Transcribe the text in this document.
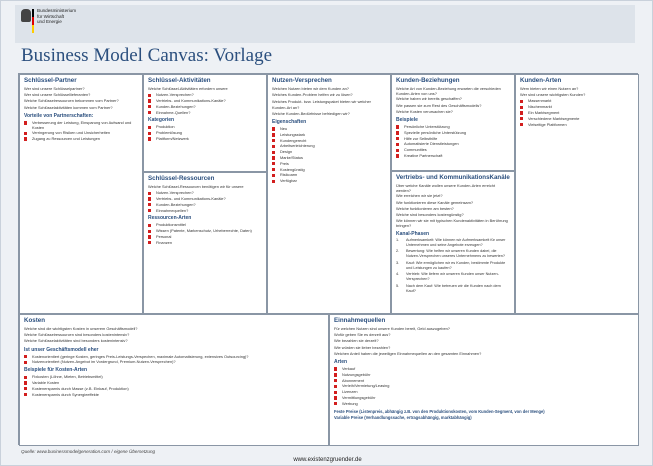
Bundesministerium
für Wirtschaft
und Energie
Business Model Canvas: Vorlage
Schlüssel-Partner
Wer sind unsere Schlüsselpartner?
Wer sind unsere Schlüssellieferanten?
Welche Schlüsselressourcen bekommen vom Partner?
Welche Schlüsselaktivitäten kommen vom Partner?
Vorteile von Partnerschaften:
Verbesserung der Leistung, Einsparung von Aufwand und Kosten
Verringerung von Risiken und Unsicherheiten
Zugang zu Ressourcen und Leistungen
Schlüssel-Aktivitäten
Welche Schlüssel-Aktivitäten erfordern unsere
Nutzen-Versprechen?
Vertriebs- und Kommunikations-Kanäle?
Kunden-Beziehungen?
Einnahme-Quellen?
Kategorien
Produktion
Problemlösung
Plattform/Netzwerk
Schlüssel-Ressourcen
Welche Schlüssel-Ressourcen benötigen wir für unsere
Nutzen-Versprechen?
Vertriebs- und Kommunikations-Kanäle?
Kunden-Beziehungen?
Einnahmequellen?
Ressourcen-Arten
Produktionsmittel
Wissen (Patente, Markenschutz, Urheberrechte, Daten)
Personal
Finanzen
Nutzen-Versprechen
Welchen Nutzen bieten wir dem Kunden an?
Welches Kunden-Problem helfen wir zu lösen?
Welches Produkt- bzw. Leistungspaket bieten wir welcher Kunden-Art an?
Welche Kunden-Bedürfnisse befriedigen wir?
Eigenschaften
Neu
Leistungsstark
Kundengerecht
Arbeitserleichterung
Design
Marke/Status
Preis
Kostengünstig
Risikoarm
Verfügbar
Kunden-Beziehungen
Welche Art von Kunden-Beziehung erwarten die verschieden Kunden-Arten von uns?
Welche haben wir bereits geschaffen?
Wie passen sie zum Rest des Geschäftsmodells?
Welche Kosten verursachen sie?
Beispiele
Persönliche Unterstützung
Spezielle persönliche Unterstützung
Hilfe zur Selbsthilfe
Automatisierte Dienstleistungen
Communities
Kreative Partnerschaft
Vertriebs- und KommunikationsKanäle
Über welche Kanäle wollen unsere Kunden-Arten erreicht werden?
Wie erreichen wir sie jetzt?
Wie funktionieren diese Kanäle gemeinsam?
Welche funktionieren am besten?
Welche sind besonders kostengünstig?
Wie können wir sie mit typischen Kundenaktivitäten in Berührung bringen?
Kanal-Phasen
1. Aufmerksamkeit: Wie können wir Aufmerksamkeit für unser Unternehmen und seine Angebote erzeugen?
2. Bewertung: Wie helfen wir unseren Kunden dabei, die Nutzen-Versprechen unseres Unternehmens zu bewerten?
3. Kauf: Wie ermöglichen wir es Kunden, bestimmte Produkte und Leistungen zu kaufen?
4. Vertrieb: Wie liefern wir unseren Kunden unser Nutzen-Versprechen?
5. Nach dem Kauf: Wie betreuen wir die Kunden nach dem Kauf?
Kunden-Arten
Wem bieten wir einen Nutzen an?
Wer sind unsere wichtigsten Kunden?
Massenmarkt
Nischenmarkt
Ein Marktsegment
Verschiedene Marktsegmente
Vielseitige Plattformen
Kosten
Welche sind die wichtigsten Kosten in unserem Geschäftsmodell?
Welche Schlüsselressourcen sind besonders kostenintensiv?
Welche Schlüsselaktivitäten sind besonders kostenintensiv?
Ist unser Geschäftsmodell eher
Kostenorientiert (geringe Kosten, geringes Preis-Leistungs-Verspechen, maximale Automatisierung, extensives Outsourcing)?
Nutzenorientiert (Nutzen-Angebot im Vordergrund, Premium-Nutzen-Versprechen)?
Beispiele für Kosten-Arten
Fixkosten (Löhne, Mieten, Betriebsmittel)
Variable Kosten
Kostenersparnis durch Masse (z.B. Einkauf, Produktion)
Kostenersparnis durch Synergieeffekte
Einnahmequellen
Für welchen Nutzen sind unsere Kunden bereit, Geld auszugeben?
Wofür geben Sie es derzeit aus?
Wie bezahlen sie derzeit?
Wie würden sie lieber bezahlen?
Welchen Anteil haben die jeweiligen Einnahmequellen an den gesamten Einnahmen?
Arten
Verkauf
Nutzungsgebühr
Abonnement
Verleih/Vermietung/Leasing
Lizenzen
Vermittlungsgebühr
Werbung
Feste Preise (Listenpreis, abhängig z.B. von den Produktionskosten, vom Kunden-Segment, von der Menge)
Variable Preise (Verhandlungssache, ertragsabhängig, marktabhängig)
Quelle: www.businessmodelgeneration.com / eigene Übersetzung
www.existenzgruender.de
